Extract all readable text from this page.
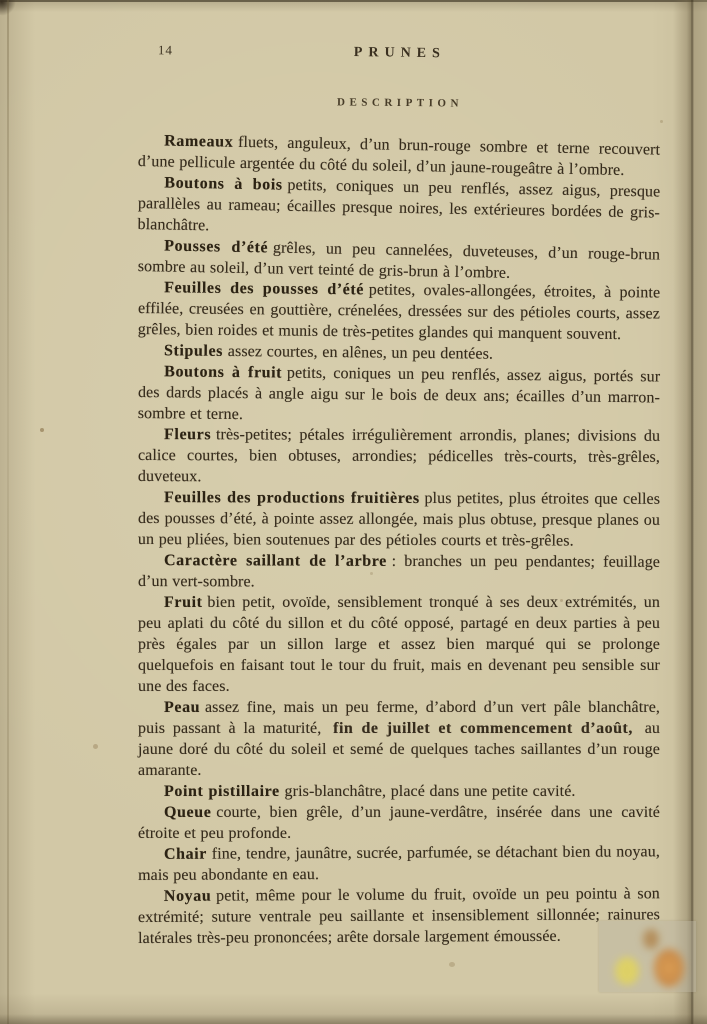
14	PRUNES
DESCRIPTION

Rameaux fluets, anguleux, d’un brun-rouge sombre et terne recouvert d’une pellicule argentée du côté du soleil, d’un jaune-rougeâtre à l’ombre.

Boutons à bois petits, coniques un peu renflés, assez aigus, presque parallèles au rameau; écailles presque noires, les extérieures bordées de gris-blanchâtre.

Pousses d’été grêles, un peu cannelées, duveteuses, d’un rouge-brun sombre au soleil, d’un vert teinté de gris-brun à l’ombre.

Feuilles des pousses d’été petites, ovales-allongées, étroites, à pointe effilée, creusées en gouttière, crénelées, dressées sur des pétioles courts, assez grêles, bien roides et munis de très-petites glandes qui manquent souvent.

Stipules assez courtes, en alênes, un peu dentées.

Boutons à fruit petits, coniques un peu renflés, assez aigus, portés sur des dards placés à angle aigu sur le bois de deux ans; écailles d’un marron-sombre et terne.

Fleurs très-petites; pétales irrégulièrement arrondis, planes; divisions du calice courtes, bien obtuses, arrondies; pédicelles très-courts, très-grêles, duveteux.

Feuilles des productions fruitières plus petites, plus étroites que celles des pousses d’été, à pointe assez allongée, mais plus obtuse, presque planes ou un peu pliées, bien soutenues par des pétioles courts et très-grêles.

Caractère saillant de l’arbre : branches un peu pendantes; feuillage d’un vert-sombre.

Fruit bien petit, ovoïde, sensiblement tronqué à ses deux extrémités, un peu aplati du côté du sillon et du côté opposé, partagé en deux parties à peu près égales par un sillon large et assez bien marqué qui se prolonge quelquefois en faisant tout le tour du fruit, mais en devenant peu sensible sur une des faces.

Peau assez fine, mais un peu ferme, d’abord d’un vert pâle blanchâtre, puis passant à la maturité, fin de juillet et commencement d’août, au jaune doré du côté du soleil et semé de quelques taches saillantes d’un rouge amarante.

Point pistillaire gris-blanchâtre, placé dans une petite cavité.

Queue courte, bien grêle, d’un jaune-verdâtre, insérée dans une cavité étroite et peu profonde.

Chair fine, tendre, jaunâtre, sucrée, parfumée, se détachant bien du noyau, mais peu abondante en eau.

Noyau petit, même pour le volume du fruit, ovoïde un peu pointu à son extrémité; suture ventrale peu saillante et insensiblement sillonnée; rainures latérales très-peu prononcées; arête dorsale largement émoussée.
